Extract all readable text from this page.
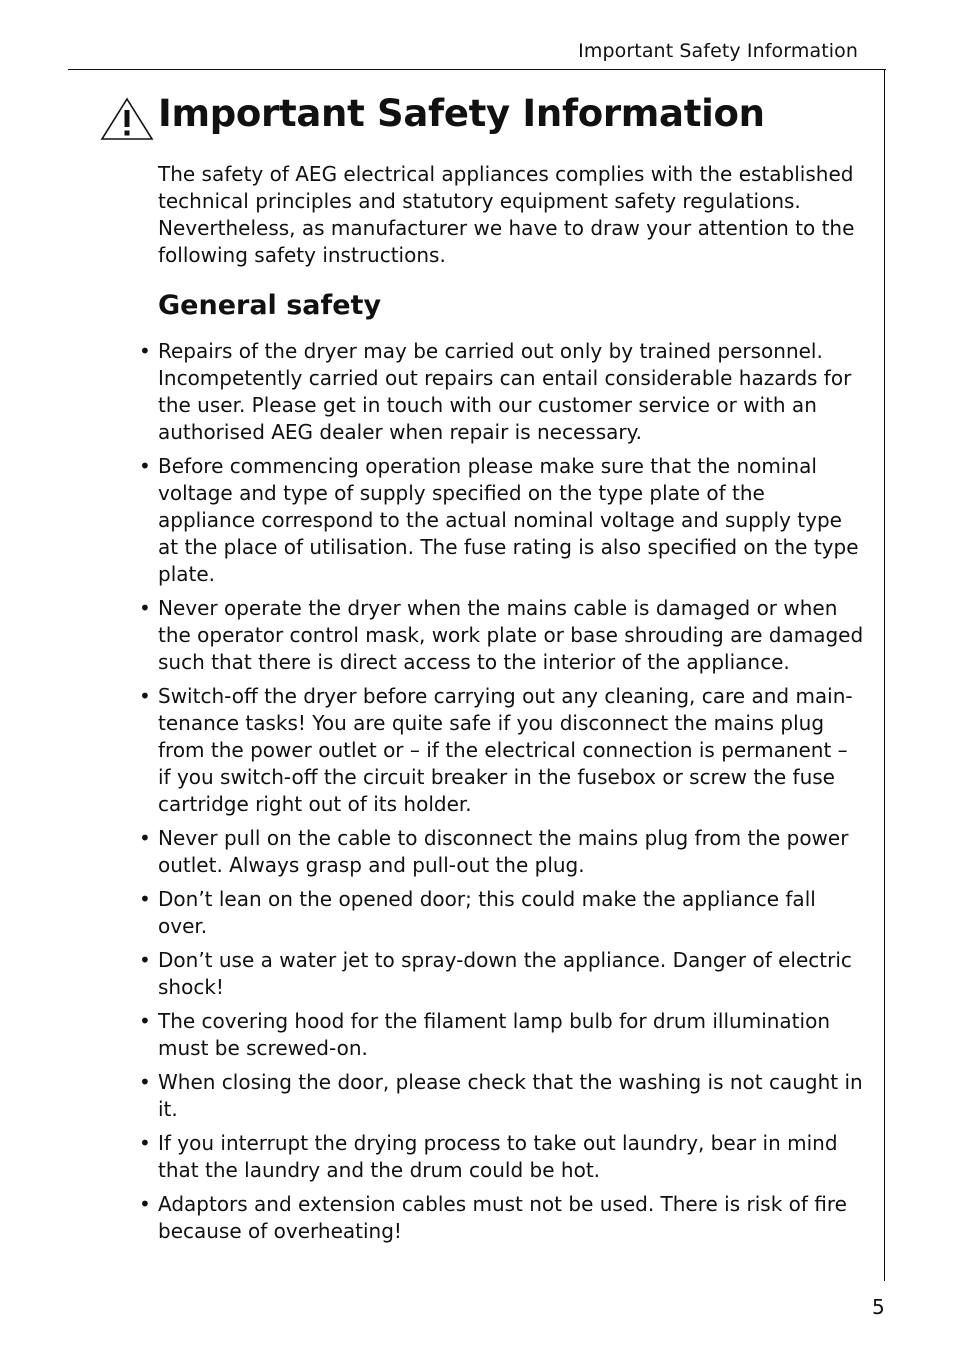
Important Safety Information
Important Safety Information

The safety of AEG electrical appliances complies with the established technical principles and statutory equipment safety regulations. Nevertheless, as manufacturer we have to draw your attention to the following safety instructions.

General safety
• Repairs of the dryer may be carried out only by trained personnel. Incompetently carried out repairs can entail considerable hazards for the user. Please get in touch with our customer service or with an authorised AEG dealer when repair is necessary.
• Before commencing operation please make sure that the nominal voltage and type of supply specified on the type plate of the appliance correspond to the actual nominal voltage and supply type at the place of utilisation. The fuse rating is also specified on the type plate.
• Never operate the dryer when the mains cable is damaged or when the operator control mask, work plate or base shrouding are damaged such that there is direct access to the interior of the appliance.
• Switch-off the dryer before carrying out any cleaning, care and maintenance tasks! You are quite safe if you disconnect the mains plug from the power outlet or – if the electrical connection is permanent – if you switch-off the circuit breaker in the fusebox or screw the fuse cartridge right out of its holder.
• Never pull on the cable to disconnect the mains plug from the power outlet. Always grasp and pull-out the plug.
• Don’t lean on the opened door; this could make the appliance fall over.
• Don’t use a water jet to spray-down the appliance. Danger of electric shock!
• The covering hood for the filament lamp bulb for drum illumination must be screwed-on.
• When closing the door, please check that the washing is not caught in it.
• If you interrupt the drying process to take out laundry, bear in mind that the laundry and the drum could be hot.
• Adaptors and extension cables must not be used. There is risk of fire because of overheating!
5
